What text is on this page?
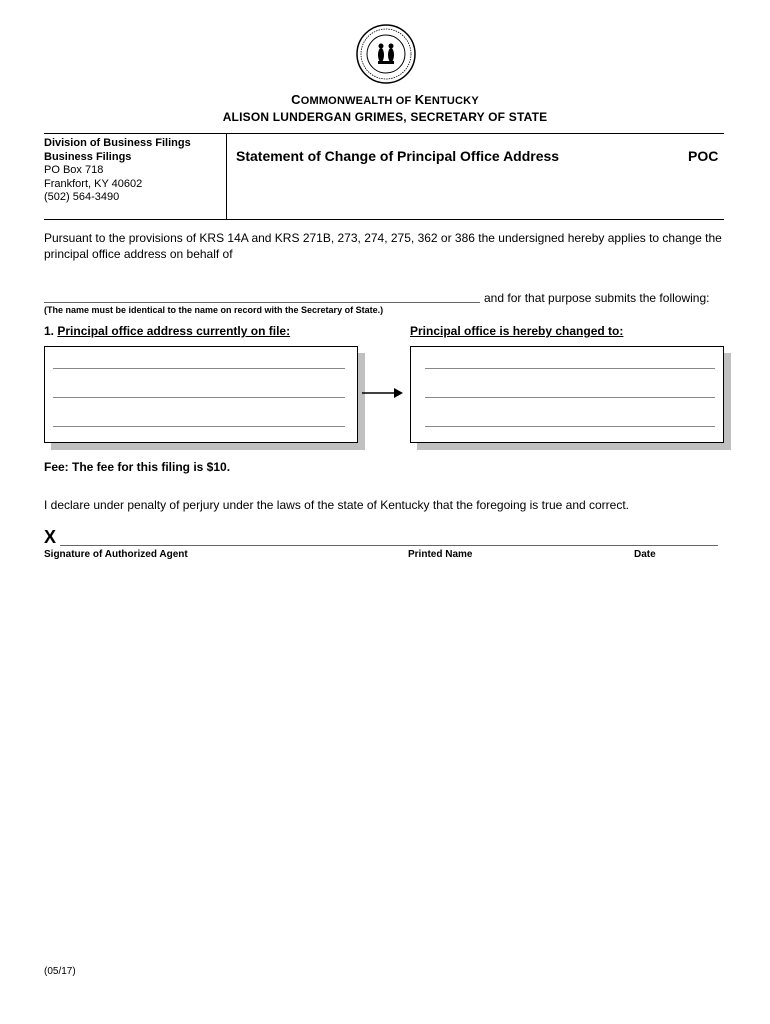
COMMONWEALTH OF KENTUCKY
ALISON LUNDERGAN GRIMES, SECRETARY OF STATE
Division of Business Filings
Business Filings
PO Box 718
Frankfort, KY 40602
(502) 564-3490
Statement of Change of Principal Office Address	POC
Pursuant to the provisions of KRS 14A and KRS 271B, 273, 274, 275, 362 or 386 the undersigned hereby applies to change the principal office address on behalf of
and for that purpose submits the following:
(The name must be identical to the name on record with the Secretary of State.)
1. Principal office address currently on file:	Principal office is hereby changed to:
Fee: The fee for this filing is $10.
I declare under penalty of perjury under the laws of the state of Kentucky that the foregoing is true and correct.
X
Signature of Authorized Agent	Printed Name	Date
(05/17)
